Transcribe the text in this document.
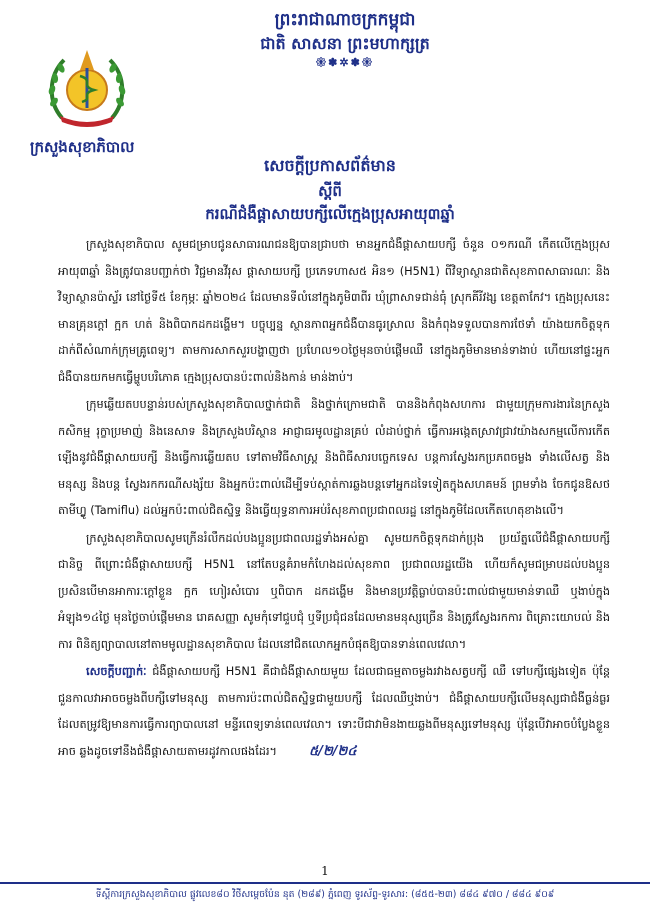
ព្រះរាជាណាចក្រកម្ពុជា
ជាតិ សាសនា ព្រះមហាក្សត្រ
𑁍✽✲✽𑁍
ក្រសួងសុខាភិបាល
សេចក្តីប្រកាសព័ត៌មាន
ស្តីពី
ករណីជំងឺផ្តាសាយបក្សីលើក្មេងប្រុសអាយុ៣ឆ្នាំ

ក្រសួងសុខាភិបាល សូមជម្រាបជូនសាធារណជនឱ្យបានជ្រាបថា មានអ្នកជំងឺផ្តាសាយបក្សី ចំនួន ០១ករណី កើតលើក្មេងប្រុសអាយុ៣ឆ្នាំ និងត្រូវបានបញ្ជាក់ថា វិជ្ជមានវីរុស ផ្តាសាយបក្សី ប្រភេទហាស៥ អិន១ (H5N1) ពីវិទ្យាស្ថានជាតិសុខភាពសាធារណៈ និងវិទ្យាស្ថានប៉ាស្ទ័រ នៅថ្ងៃទី៥ ខែកុម្ភៈ ឆ្នាំ២០២៤ ដែលមានទីលំនៅក្នុងភូមិ៣ពីរ ឃុំព្រាសាទជាន់ធុំ ស្រុកគីរីវង្ស ខេត្តតាកែវ។ ក្មេងប្រុសនេះ មានគ្រុនក្តៅ ក្អក ហត់ និងពិបាកដកដង្ហើម។ បច្ចុប្បន្ន ស្ថានភាពអ្នកជំងឺបានធូរស្រាល និងកំពុងទទួលបានការថែទាំ យ៉ាងយកចិត្តទុកដាក់ពីសំណាក់ក្រុមគ្រូពេទ្យ។ តាមការសាកសួរបង្ហាញថា ប្រហែល១០ថ្ងៃមុនចាប់ផ្តើមឈឺ នៅក្នុងភូមិមានមាន់ទាងាប់ ហើយនៅផ្ទះអ្នកជំងឺបានយកមកធ្វើម្ហូបបរិភោគ ក្មេងប្រុសបានប៉ះពាល់និងកាន់ មាន់ងាប់។

ក្រុមឆ្លើយតបបន្ទាន់របស់ក្រសួងសុខាភិបាលថ្នាក់ជាតិ និងថ្នាក់ក្រោមជាតិ បាននិងកំពុងសហការ ជាមួយក្រុមការងារនៃក្រសួងកសិកម្ម រុក្ខាប្រមាញ់ និងនេសាទ និងក្រសួងបរិស្ថាន អាជ្ញាធរមូលដ្ឋានគ្រប់ លំដាប់ថ្នាក់ ធ្វើការអង្កេតស្រាវជ្រាវយ៉ាងសកម្មលើការកើតឡើងនូវជំងឺផ្តាសាយបក្សី និងធ្វើការឆ្លើយតប ទៅតាមវិធីសាស្រ្ត និងពិធីសារបច្ចេកទេស បន្តការស្វែងរកប្រភពចម្លង ទាំងលើសត្វ និងមនុស្ស និងបន្ត ស្វែងរកករណីសង្ស័យ និងអ្នកប៉ះពាល់ដើម្បីទប់ស្កាត់ការឆ្លងបន្តទៅអ្នកដទៃទៀតក្នុងសហគមន៍ ព្រមទាំង ចែកជូនឱសថតាមីហ្វ្លូ (Tamiflu) ដល់អ្នកប៉ះពាល់ជិតស្និទ្ធ និងធ្វើយុទ្ធនាការអប់រំសុខភាពប្រជាពលរដ្ឋ នៅក្នុងភូមិដែលកើតហេតុខាងលើ។

ក្រសួងសុខាភិបាលសូមក្រើនរំលឹកដល់បងប្អូនប្រជាពលរដ្ឋទាំងអស់គ្នា សូមយកចិត្តទុកដាក់ប្រុង ប្រយ័ត្នលើជំងឺផ្តាសាយបក្សីជានិច្ច ពីព្រោះជំងឺផ្តាសាយបក្សី H5N1 នៅតែបន្តគំរាមកំហែងដល់សុខភាព ប្រជាពលរដ្ឋយើង ហើយក៏សូមជម្រាបដល់បងប្អូន ប្រសិនបើមានអាការៈក្តៅខ្លួន ក្អក ហៀរសំបោរ ឬពិបាក ដកដង្ហើម និងមានប្រវត្តិធ្លាប់បានប៉ះពាល់ជាមួយមាន់ទាឈឺ ឬងាប់ក្នុងអំឡុង១៤ថ្ងៃ មុនថ្ងៃចាប់ផ្តើមមាន រោគសញ្ញា សូមកុំទៅជួបជុំ ឬទីប្រជុំជនដែលមានមនុស្សច្រើន និងត្រូវស្វែងរកការ ពិគ្រោះយោបល់ និងការ ពិនិត្យព្យាបាលនៅតាមមូលដ្ឋានសុខាភិបាល ដែលនៅជិតលោកអ្នកបំផុតឱ្យបានទាន់ពេលវេលា។

សេចក្តីបញ្ជាក់ៈ ជំងឺផ្តាសាយបក្សី H5N1 គឺជាជំងឺផ្តាសាយមួយ ដែលជាធម្មតាចម្លងរវាងសត្វបក្សី ឈឺ ទៅបក្សីផ្សេងទៀត ប៉ុន្តែជួនកាលវាអាចចម្លងពីបក្សីទៅមនុស្ស តាមការប៉ះពាល់ជិតស្និទ្ធជាមួយបក្សី ដែលឈឺឬងាប់។ ជំងឺផ្តាសាយបក្សីលើមនុស្សជាជំងឺធ្ងន់ធ្ងរ ដែលតម្រូវឱ្យមានការធ្វើការព្យាបាលនៅ មន្ទីរពេទ្យទាន់ពេលវេលា។ ទោះបីជាវាមិនងាយឆ្លងពីមនុស្សទៅមនុស្ស ប៉ុន្តែបើវាអាចបំប្លែងខ្លួនអាច ឆ្លងដូចទៅនឹងជំងឺផ្តាសាយតាមរដូវកាលផងដែរ។ ៥/២/២៤

1
ទីស្តីការក្រសួងសុខាភិបាល ផ្លូវលេខ៨០ វិថីសម្តេចប៉ែន នុត (២៨៩) ភ្នំពេញ ទូរស័ព្ទ-ទូរសារ: (៨៥៥-២៣) ៨៨៤ ៩៧០ / ៨៨៤ ៩០៩
